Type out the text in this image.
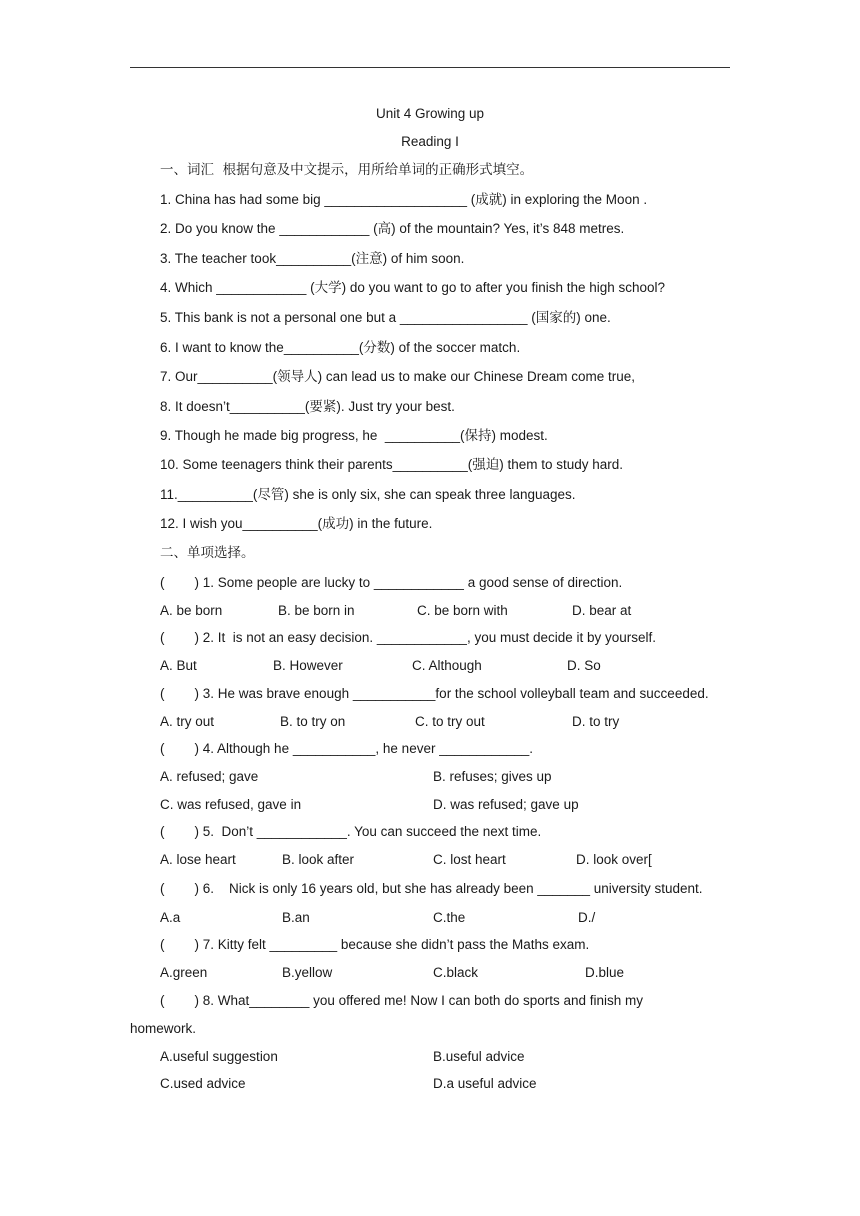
Unit 4 Growing up
Reading I
一、词汇  根据句意及中文提示，用所给单词的正确形式填空。
1. China has had some big ___________________ (成就) in exploring the Moon .
2. Do you know the ____________ (高) of the mountain? Yes, it’s 848 metres.
3. The teacher took__________(注意) of him soon.
4. Which ____________ (大学) do you want to go to after you finish the high school?
5. This bank is not a personal one but a _________________ (国家的) one.
6. I want to know the__________(分数) of the soccer match.
7. Our__________(领导人) can lead us to make our Chinese Dream come true,
8. It doesn’t__________(要紧). Just try your best.
9. Though he made big progress, he  __________(保持) modest.
10. Some teenagers think their parents__________(强迫) them to study hard.
11.__________(尽管) she is only six, she can speak three languages.
12. I wish you__________(成功) in the future.
二、单项选择。
(        ) 1. Some people are lucky to ____________ a good sense of direction.
A. be born	B. be born in	C. be born with	D. bear at
(        ) 2. It  is not an easy decision. ____________, you must decide it by yourself.
A. But	B. However	C. Although	D. So
(        ) 3. He was brave enough ___________for the school volleyball team and succeeded.
A. try out	B. to try on	C. to try out	D. to try
(        ) 4. Although he ___________, he never ____________.
A. refused; gave	B. refuses; gives up
C. was refused, gave in	D. was refused; gave up
(        ) 5.  Don’t ____________. You can succeed the next time.
A. lose heart	B. look after	C. lost heart	D. look over[
(        ) 6.    Nick is only 16 years old, but she has already been _______ university student.
A.a	B.an	C.the	D./
(        ) 7. Kitty felt _________ because she didn’t pass the Maths exam.
A.green	B.yellow	C.black	D.blue
(        ) 8. What________ you offered me! Now I can both do sports and finish my
homework.
A.useful suggestion	B.useful advice
C.used advice	D.a useful advice
